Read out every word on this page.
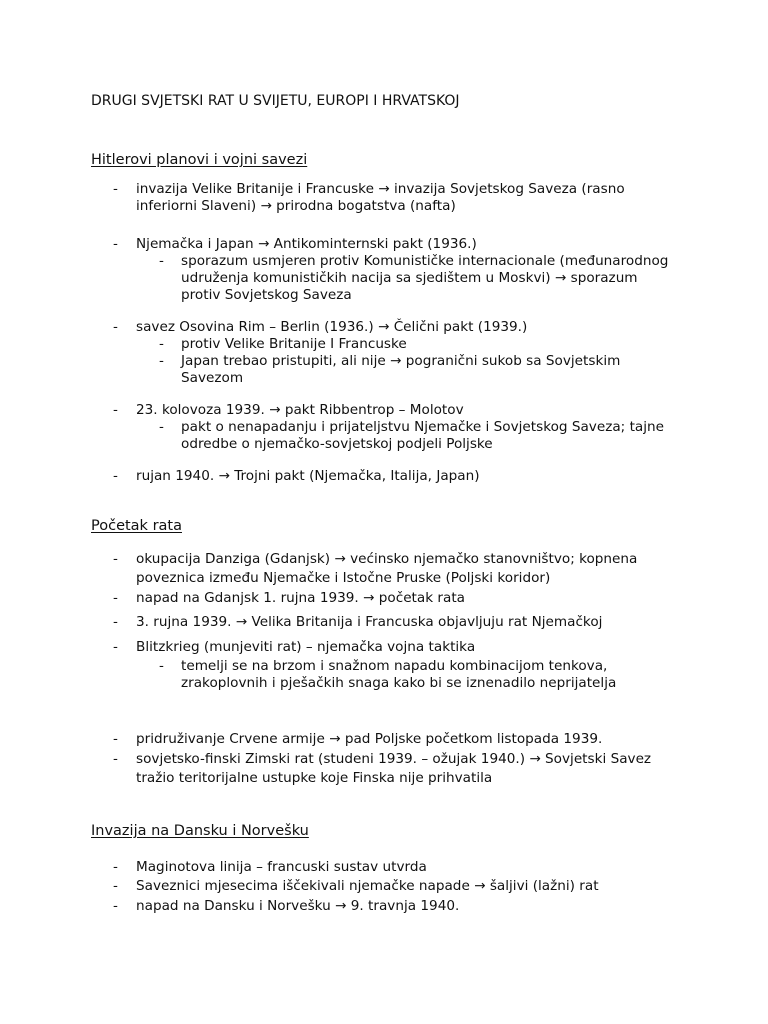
DRUGI SVJETSKI RAT U SVIJETU, EUROPI I HRVATSKOJ
Hitlerovi planovi i vojni savezi
- invazija Velike Britanije i Francuske → invazija Sovjetskog Saveza (rasno
inferiorni Slaveni) → prirodna bogatstva (nafta)
- Njemačka i Japan → Antikominternski pakt (1936.)
- sporazum usmjeren protiv Komunističke internacionale (međunarodnog
udruženja komunističkih nacija sa sjedištem u Moskvi) → sporazum
protiv Sovjetskog Saveza
- savez Osovina Rim – Berlin (1936.) → Čelični pakt (1939.)
- protiv Velike Britanije I Francuske
- Japan trebao pristupiti, ali nije → pogranični sukob sa Sovjetskim
Savezom
- 23. kolovoza 1939. → pakt Ribbentrop – Molotov
- pakt o nenapadanju i prijateljstvu Njemačke i Sovjetskog Saveza; tajne
odredbe o njemačko-sovjetskoj podjeli Poljske
- rujan 1940. → Trojni pakt (Njemačka, Italija, Japan)
Početak rata
- okupacija Danziga (Gdanjsk) → većinsko njemačko stanovništvo; kopnena
poveznica između Njemačke i Istočne Pruske (Poljski koridor)
- napad na Gdanjsk 1. rujna 1939. → početak rata
- 3. rujna 1939. → Velika Britanija i Francuska objavljuju rat Njemačkoj
- Blitzkrieg (munjeviti rat) – njemačka vojna taktika
- temelji se na brzom i snažnom napadu kombinacijom tenkova,
zrakoplovnih i pješačkih snaga kako bi se iznenadilo neprijatelja
- pridruživanje Crvene armije → pad Poljske početkom listopada 1939.
- sovjetsko-finski Zimski rat (studeni 1939. – ožujak 1940.) → Sovjetski Savez
tražio teritorijalne ustupke koje Finska nije prihvatila
Invazija na Dansku i Norvešku
- Maginotova linija – francuski sustav utvrda
- Saveznici mjesecima iščekivali njemačke napade → šaljivi (lažni) rat
- napad na Dansku i Norvešku → 9. travnja 1940.
